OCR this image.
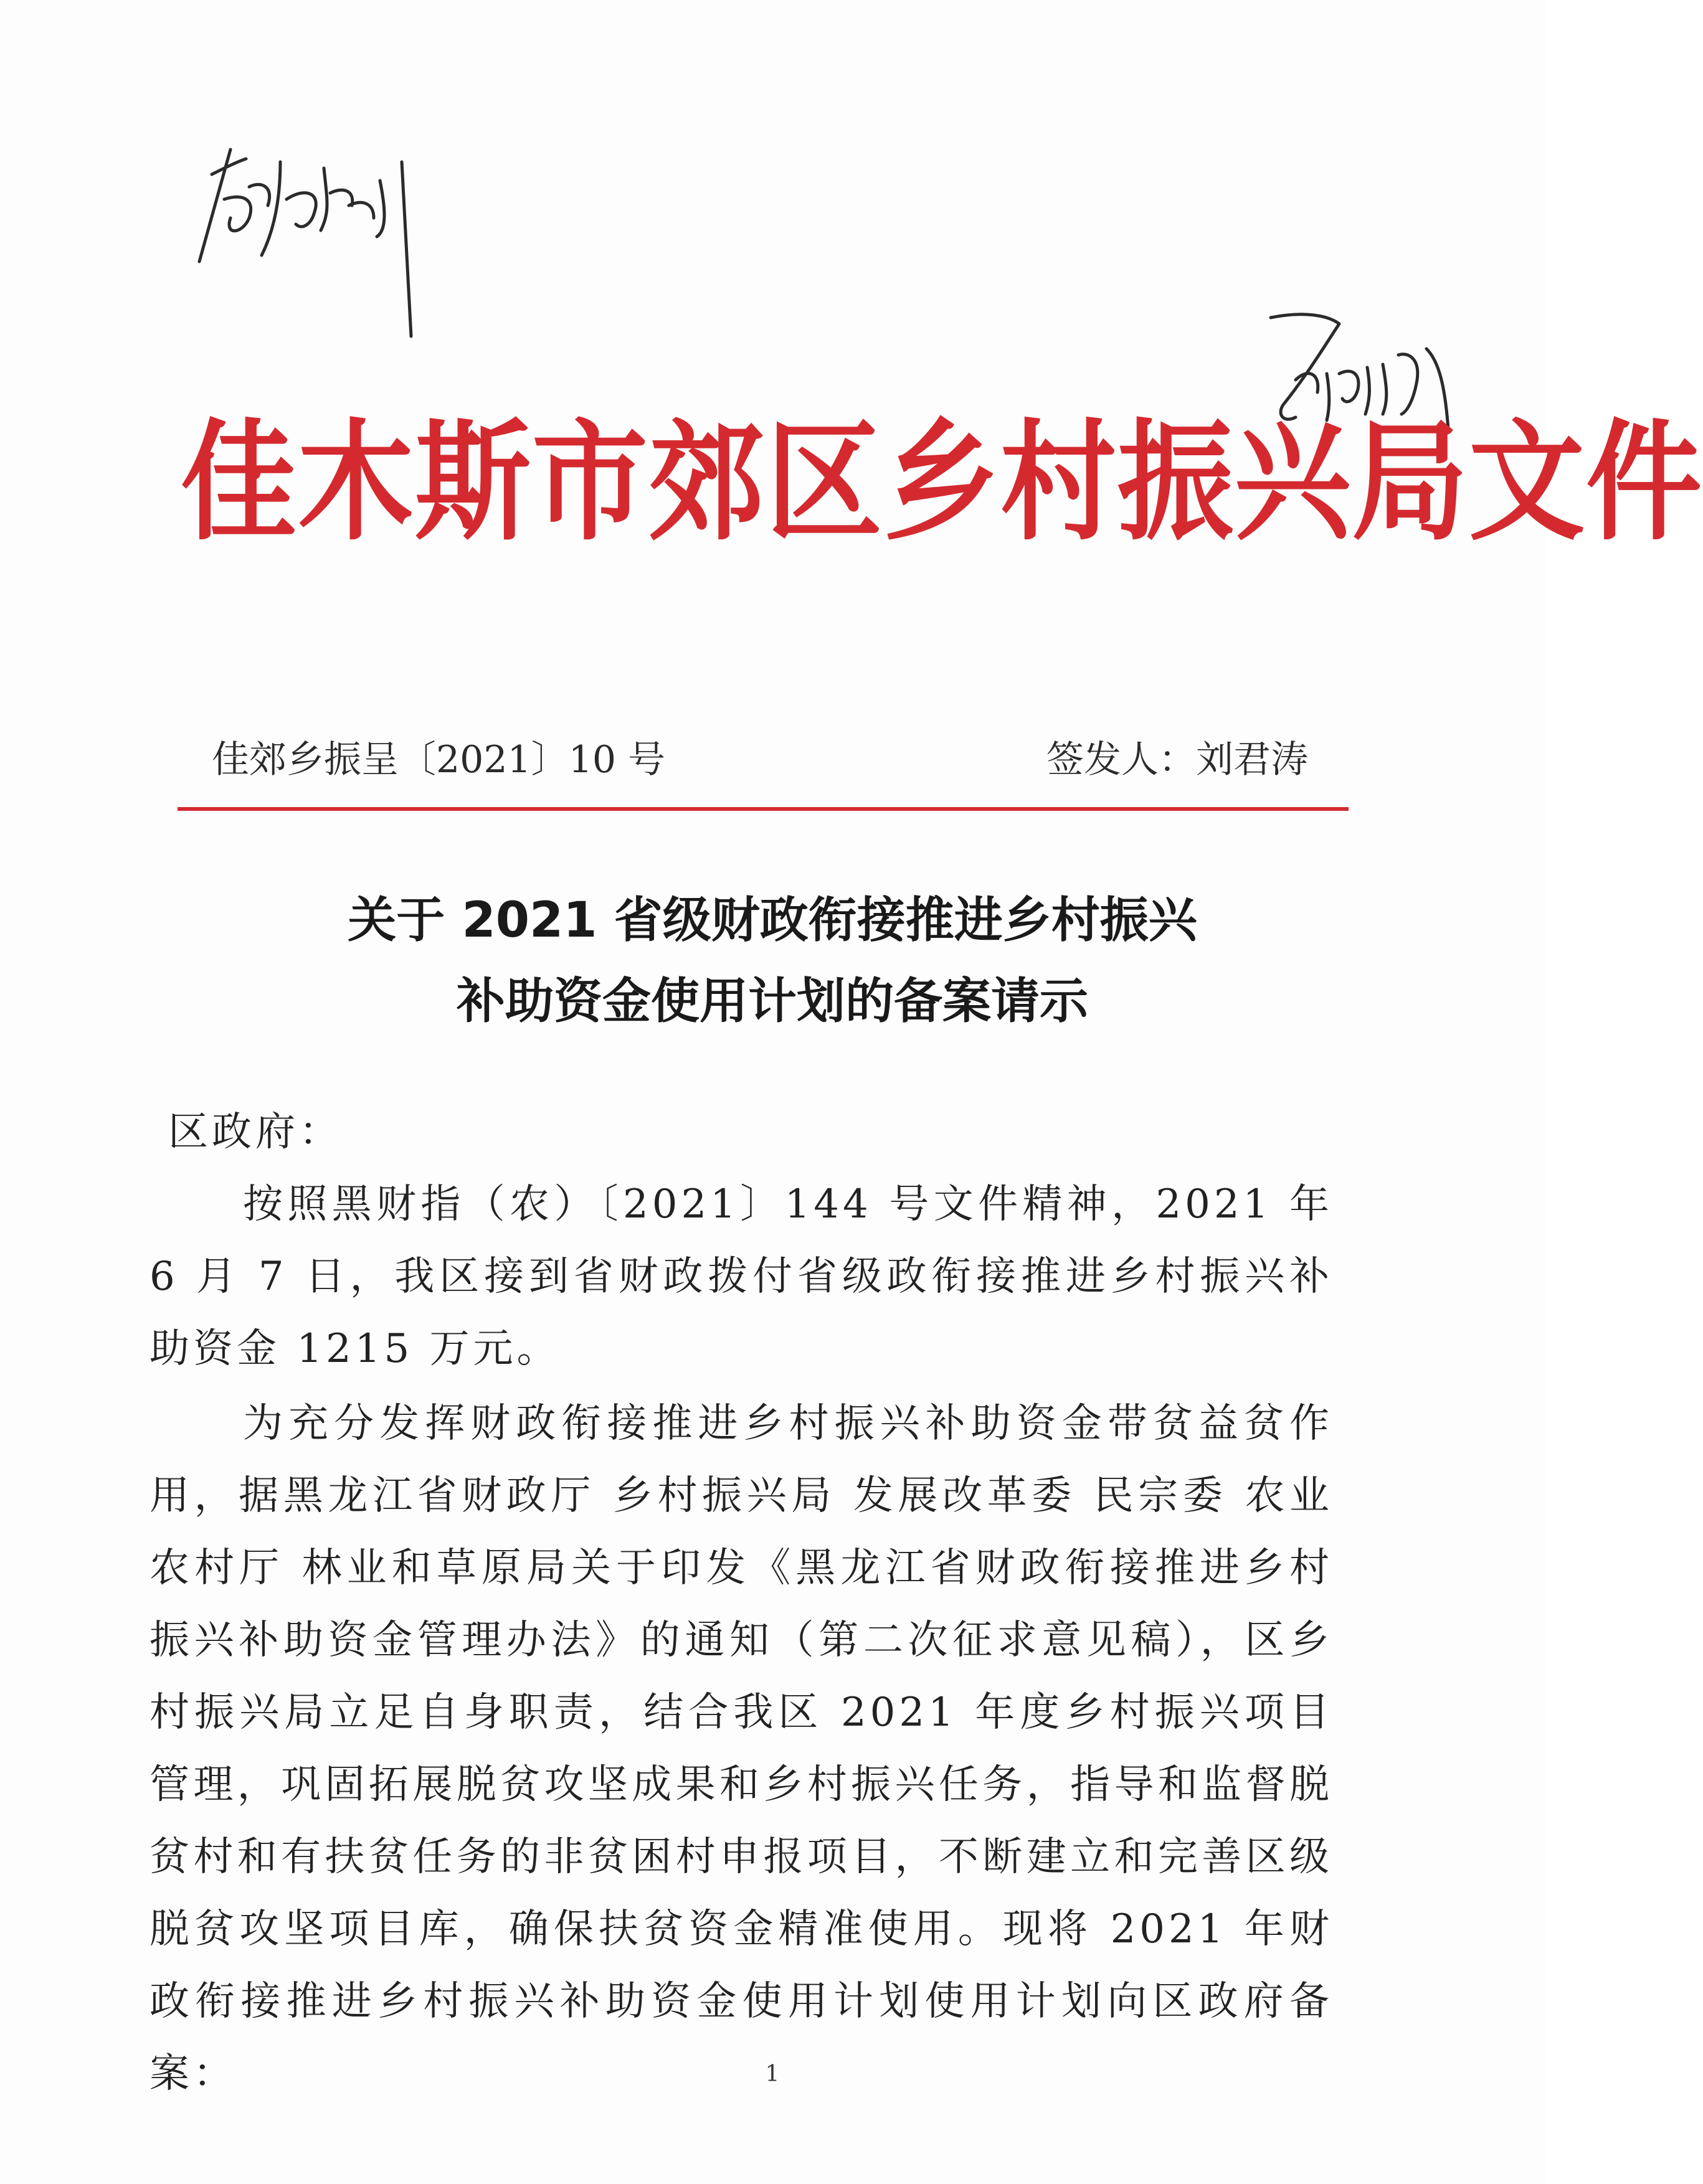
佳木斯市郊区乡村振兴局文件
佳郊乡振呈〔2021〕10 号	签发人：刘君涛
关于 2021 省级财政衔接推进乡村振兴
补助资金使用计划的备案请示

区政府：

按照黑财指（农）〔2021〕144 号文件精神，2021 年 6 月 7 日，我区接到省财政拨付省级政衔接推进乡村振兴补助资金 1215 万元。

为充分发挥财政衔接推进乡村振兴补助资金带贫益贫作用，据黑龙江省财政厅 乡村振兴局 发展改革委 民宗委 农业农村厅 林业和草原局关于印发《黑龙江省财政衔接推进乡村振兴补助资金管理办法》的通知（第二次征求意见稿），区乡村振兴局立足自身职责，结合我区 2021 年度乡村振兴项目管理，巩固拓展脱贫攻坚成果和乡村振兴任务，指导和监督脱贫村和有扶贫任务的非贫困村申报项目，不断建立和完善区级脱贫攻坚项目库，确保扶贫资金精准使用。现将 2021 年财政衔接推进乡村振兴补助资金使用计划使用计划向区政府备案：	1
